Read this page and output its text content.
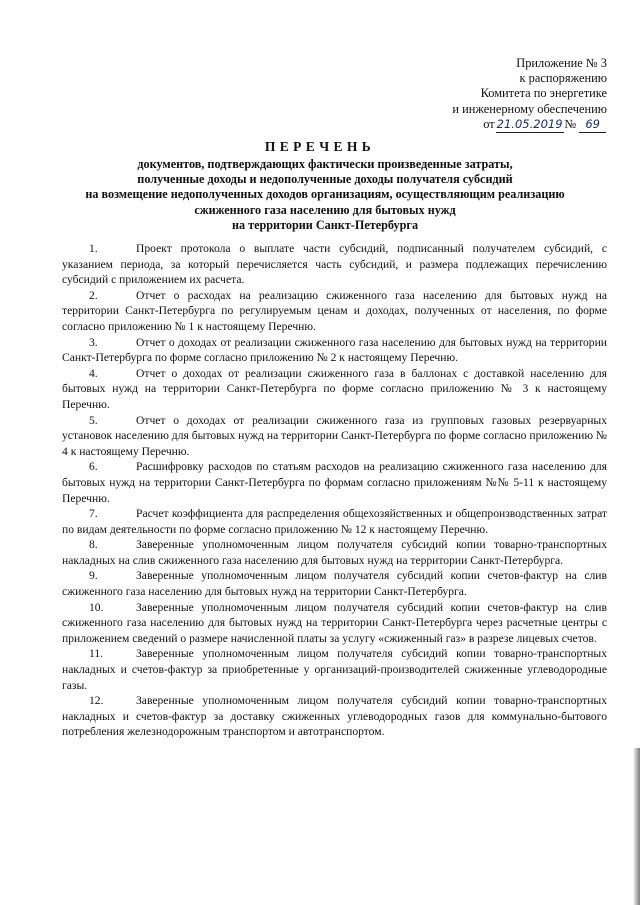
Приложение № 3
к распоряжению
Комитета по энергетике
и инженерному обеспечению
от 21.05.2019 № 69
ПЕРЕЧЕНЬ
документов, подтверждающих фактически произведенные затраты,
полученные доходы и недополученные доходы получателя субсидий
на возмещение недополученных доходов организациям, осуществляющим реализацию
сжиженного газа населению для бытовых нужд
на территории Санкт-Петербурга

1.	Проект протокола о выплате части субсидий, подписанный получателем субсидий, с указанием периода, за который перечисляется часть субсидий, и размера подлежащих перечислению субсидий с приложением их расчета.

2.	Отчет о расходах на реализацию сжиженного газа населению для бытовых нужд на территории Санкт-Петербурга по регулируемым ценам и доходах, полученных от населения, по форме согласно приложению № 1 к настоящему Перечню.

3.	Отчет о доходах от реализации сжиженного газа населению для бытовых нужд на территории Санкт-Петербурга по форме согласно приложению № 2 к настоящему Перечню.

4.	Отчет о доходах от реализации сжиженного газа в баллонах с доставкой населению для бытовых нужд на территории Санкт-Петербурга по форме согласно приложению № 3 к настоящему Перечню.

5.	Отчет о доходах от реализации сжиженного газа из групповых газовых резервуарных установок населению для бытовых нужд на территории Санкт-Петербурга по форме согласно приложению № 4 к настоящему Перечню.

6.	Расшифровку расходов по статьям расходов на реализацию сжиженного газа населению для бытовых нужд на территории Санкт-Петербурга по формам согласно приложениям №№ 5-11 к настоящему Перечню.

7.	Расчет коэффициента для распределения общехозяйственных и общепроизводственных затрат по видам деятельности по форме согласно приложению № 12 к настоящему Перечню.

8.	Заверенные уполномоченным лицом получателя субсидий копии товарно-транспортных накладных на слив сжиженного газа населению для бытовых нужд на территории Санкт-Петербурга.

9.	Заверенные уполномоченным лицом получателя субсидий копии счетов-фактур на слив сжиженного газа населению для бытовых нужд на территории Санкт-Петербурга.

10.	Заверенные уполномоченным лицом получателя субсидий копии счетов-фактур на слив сжиженного газа населению для бытовых нужд на территории Санкт-Петербурга через расчетные центры с приложением сведений о размере начисленной платы за услугу «сжиженный газ» в разрезе лицевых счетов.

11.	Заверенные уполномоченным лицом получателя субсидий копии товарно-транспортных накладных и счетов-фактур за приобретенные у организаций-производителей сжиженные углеводородные газы.

12.	Заверенные уполномоченным лицом получателя субсидий копии товарно-транспортных накладных и счетов-фактур за доставку сжиженных углеводородных газов для коммунально-бытового потребления железнодорожным транспортом и автотранспортом.
